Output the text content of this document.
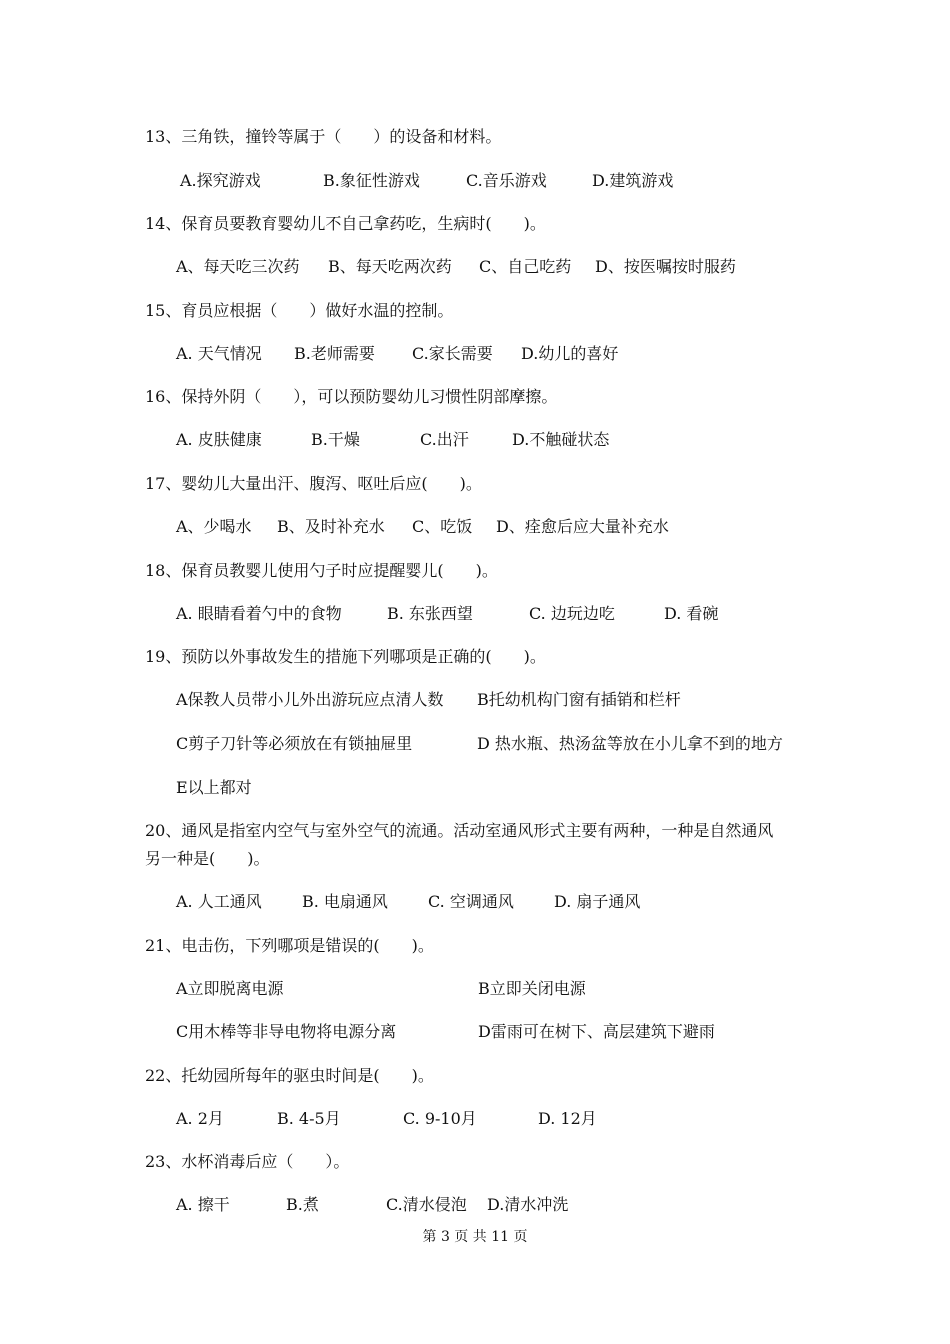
13、三角铁，撞铃等属于（　　）的设备和材料。
A.探究游戏	B.象征性游戏	C.音乐游戏	D.建筑游戏
14、保育员要教育婴幼儿不自己拿药吃，生病时(　　)。
A、每天吃三次药 B、每天吃两次药 C、自己吃药 D、按医嘱按时服药
15、育员应根据（　　）做好水温的控制。
A. 天气情况 B.老师需要 C.家长需要 D.幼儿的喜好
16、保持外阴（　　），可以预防婴幼儿习惯性阴部摩擦。
A. 皮肤健康	B.干燥	C.出汗	D.不触碰状态
17、婴幼儿大量出汗、腹泻、呕吐后应(　　)。
A、少喝水 B、及时补充水 C、吃饭 D、痊愈后应大量补充水
18、保育员教婴儿使用勺子时应提醒婴儿(　　)。
A. 眼睛看着勺中的食物	B. 东张西望	C. 边玩边吃	D. 看碗
19、预防以外事故发生的措施下列哪项是正确的(　　)。
A保教人员带小儿外出游玩应点清人数 B托幼机构门窗有插销和栏杆
C剪子刀针等必须放在有锁抽屉里	D 热水瓶、热汤盆等放在小儿拿不到的地方
E以上都对
20、通风是指室内空气与室外空气的流通。活动室通风形式主要有两种，一种是自然通风
另一种是(　　)。
A. 人工通风	B. 电扇通风	C. 空调通风	D. 扇子通风
21、电击伤，下列哪项是错误的(　　)。
A立即脱离电源	B立即关闭电源
C用木棒等非导电物将电源分离	D雷雨可在树下、高层建筑下避雨
22、托幼园所每年的驱虫时间是(　　)。
A. 2月	B. 4-5月	C. 9-10月	D. 12月
23、水杯消毒后应（　　）。
A. 擦干	B.煮	C.清水侵泡 D.清水冲洗
第 3 页 共 11 页
